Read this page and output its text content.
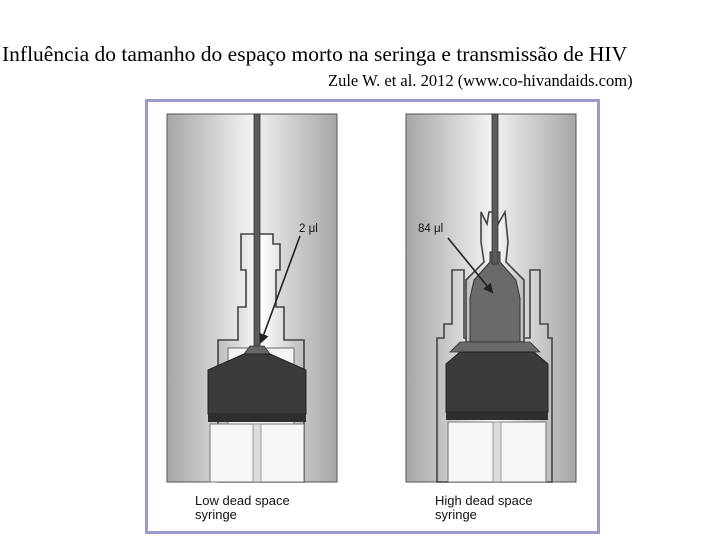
Influência do tamanho do espaço morto na seringa e transmissão de HIV
Zule W. et al. 2012 (www.co-hivandaids.com)
2 μl	84 μl
Low dead space
syringe
High dead space
syringe
